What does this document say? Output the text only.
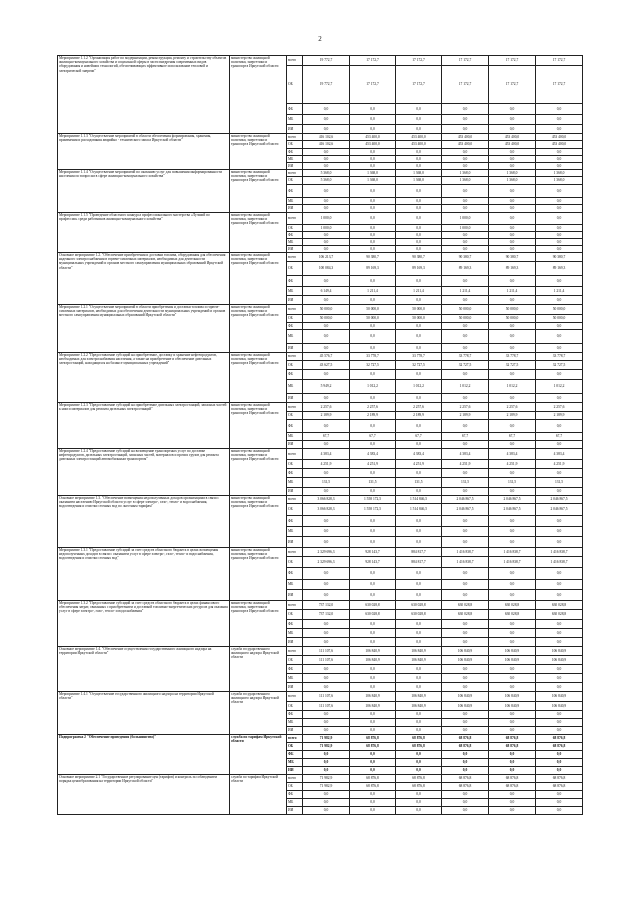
2
Мероприятие 1.1.2 "Организация работ по модернизации, реконструкции, ремонту и строительству объектов жилищно-коммунального хозяйства и социальной сферы в части внедрения современных видов оборудования и новейших технологий, обеспечивающих эффективное использование тепловой и электрической энергии"	министерство жилищной политики, энергетики и транспорта Иркутской области	всего	19 772,7	17 172,7	17 172,7	17 172,7	17 172,7	17 172,7
		ОБ	19 772,7	17 172,7	17 172,7	17 172,7	17 172,7	17 172,7
		ФБ	0,0	0,0	0,0	0,0	0,0	0,0
		МБ	0,0	0,0	0,0	0,0	0,0	0,0
		ИИ	0,0	0,0	0,0	0,0	0,0	0,0
Мероприятие 1.1.3 "Осуществление мероприятий в области обеспечения формирования, хранения, применения и расходования аварийно - технического запаса Иркутской области"	министерство жилищной политики, энергетики и транспорта Иркутской области	всего	416 102,6	453 400,0	453 400,0	453 400,0	453 400,0	453 400,0
		ОБ	416 102,6	453 400,0	453 400,0	453 400,0	453 400,0	453 400,0
		ФБ	0,0	0,0	0,0	0,0	0,0	0,0
		МБ	0,0	0,0	0,0	0,0	0,0	0,0
		ИИ	0,0	0,0	0,0	0,0	0,0	0,0
Мероприятие 1.1.4 "Осуществление мероприятий по оказанию услуг для повышения информированности населения по вопросам в сфере жилищно-коммунального хозяйства"	министерство жилищной политики, энергетики и транспорта Иркутской области	всего	5 368,0	1 368,0	1 368,0	1 368,0	1 368,0	1 368,0
		ОБ	5 368,0	1 368,0	1 368,0	1 368,0	1 368,0	1 368,0
		ФБ	0,0	0,0	0,0	0,0	0,0	0,0
		МБ	0,0	0,0	0,0	0,0	0,0	0,0
		ИИ	0,0	0,0	0,0	0,0	0,0	0,0
Мероприятие 1.1.5 "Проведение областного конкурса профессионального мастерства «Лучший по профессии» среди работников жилищно-коммунального хозяйства"	министерство жилищной политики, энергетики и транспорта Иркутской области	всего	1 000,0	0,0	0,0	1 000,0	0,0	0,0
		ОБ	1 000,0	0,0	0,0	1 000,0	0,0	0,0
		ФБ	0,0	0,0	0,0	0,0	0,0	0,0
		МБ	0,0	0,0	0,0	0,0	0,0	0,0
		ИИ	0,0	0,0	0,0	0,0	0,0	0,0
Основное мероприятие 1.2. "Обеспечение приобретения и доставки топлива, оборудования для обеспечения надежного электроснабжения в горюче-смазочных материалов, необходимых для деятельности муниципальных учреждений и органов местного самоуправления муниципальных образований Иркутской области"	министерство жилищной политики, энергетики и транспорта Иркутской области	всего	106 213,7	90 380,7	90 380,7	90 380,7	90 380,7	90 380,7
		ОБ	100 084,3	89 169,3	89 169,3	89 169,3	89 169,3	89 169,3
		ФБ	0,0	0,0	0,0	0,0	0,0	0,0
		МБ	6 149,4	1 211,4	1 211,4	1 211,4	1 211,4	1 211,4
		ИИ	0,0	0,0	0,0	0,0	0,0	0,0
Мероприятие 1.2.1 "Осуществление мероприятий в области приобретения и доставки топлива и горюче-смазочных материалов, необходимых для обеспечения деятельности муниципальных учреждений и органов местного самоуправления муниципальных образований Иркутской области"	министерство жилищной политики, энергетики и транспорта Иркутской области	всего	50 000,0	50 000,0	50 000,0	50 000,0	50 000,0	50 000,0
		ОБ	50 000,0	50 000,0	50 000,0	50 000,0	50 000,0	50 000,0
		ФБ	0,0	0,0	0,0	0,0	0,0	0,0
		МБ	0,0	0,0	0,0	0,0	0,0	0,0
		ИИ	0,0	0,0	0,0	0,0	0,0	0,0
Мероприятие 1.2.2 "Предоставление субсидий на приобретение, доставку и хранение нефтепродуктов, необходимых для электроснабжения населения, а также на приобретение и обеспечение дизельных электростанций, находящихся на балансе муниципальных учреждений"	министерство жилищной политики, энергетики и транспорта Иркутской области	всего	45 576,7	33 778,7	33 778,7	33 778,7	33 778,7	33 778,7
		ОБ	43 627,5	32 727,5	32 727,5	32 727,5	32 727,5	32 727,5
		ФБ	0,0	0,0	0,0	0,0	0,0	0,0
		МБ	5 949,2	1 012,2	1 012,2	1 012,2	1 012,2	1 012,2
		ИИ	0,0	0,0	0,0	0,0	0,0	0,0
Мероприятие 1.2.3 "Предоставление субсидий на приобретение дизельных электростанций, запасных частей к ним и материалов для ремонта дизельных электростанций"	министерство жилищной политики, энергетики и транспорта Иркутской области	всего	2 257,6	2 257,6	2 257,6	2 257,6	2 257,6	2 257,6
		ОБ	2 189,9	2 189,9	2 189,9	2 189,9	2 189,9	2 189,9
		ФБ	0,0	0,0	0,0	0,0	0,0	0,0
		МБ	67,7	67,7	67,7	67,7	67,7	67,7
		ИИ	0,0	0,0	0,0	0,0	0,0	0,0
Мероприятие 1.2.4 "Предоставление субсидий на возмещение транспортных услуг по доставке нефтепродуктов, дизельных электростанций, запасных частей, материалов и прочих грузов для ремонта дизельных электростанций автомобильным транспортом"	министерство жилищной политики, энергетики и транспорта Иркутской области	всего	4 383,4	4 383,4	4 383,4	4 383,4	4 383,4	4 383,4
		ОБ	4 251,9	4 251,9	4 251,9	4 251,9	4 251,9	4 251,9
		ФБ	0,0	0,0	0,0	0,0	0,0	0,0
		МБ	131,5	131,5	131,5	131,5	131,5	131,5
		ИИ	0,0	0,0	0,0	0,0	0,0	0,0
Основное мероприятие 1.3. "Обеспечение возмещения недополученных доходов организациям в связи с оказанием населению Иркутской области услуг в сфере электро-, газо-, тепло- и водоснабжения, водоотведения и очистки сточных вод по льготным тарифам"	министерство жилищной политики, энергетики и транспорта Иркутской области	всего	3 066 828,3	1 558 172,5	1 514 846,5	2 046 867,5	2 046 867,5	2 046 867,5
		ОБ	3 066 828,3	1 558 172,5	1 514 846,5	2 046 867,5	2 046 867,5	2 046 867,5
		ФБ	0,0	0,0	0,0	0,0	0,0	0,0
		МБ	0,0	0,0	0,0	0,0	0,0	0,0
		ИИ	0,0	0,0	0,0	0,0	0,0	0,0
Мероприятие 1.3.1 "Предоставление субсидий за счет средств областного бюджета в целях возмещения недополученных доходов в связи с оказанием услуг в сфере электро-, газо-, тепло- и водоснабжения, водоотведения и очистки сточных вод"	министерство жилищной политики, энергетики и транспорта Иркутской области	всего	2 329 696,3	928 143,7	884 817,7	1 416 838,7	1 416 838,7	1 416 838,7
		ОБ	2 329 696,3	928 143,7	884 817,7	1 416 838,7	1 416 838,7	1 416 838,7
		ФБ	0,0	0,0	0,0	0,0	0,0	0,0
		МБ	0,0	0,0	0,0	0,0	0,0	0,0
		ИИ	0,0	0,0	0,0	0,0	0,0	0,0
Мероприятие 1.3.2 "Предоставление субсидий за счет средств областного бюджета в целях финансового обеспечения затрат, связанных с приобретением и доставкой топливно-энергетических ресурсов для оказания услуг в сфере электро-, газо-, тепло- и водоснабжения"	министерство жилищной политики, энергетики и транспорта Иркутской области	всего	737 132,0	630 028,8	630 028,8	630 028,8	630 028,8	630 028,8
		ОБ	737 132,0	630 028,8	630 028,8	630 028,8	630 028,8	630 028,8
		ФБ	0,0	0,0	0,0	0,0	0,0	0,0
		МБ	0,0	0,0	0,0	0,0	0,0	0,0
		ИИ	0,0	0,0	0,0	0,0	0,0	0,0
Основное мероприятие 1.4. "Обеспечение осуществления государственного жилищного надзора на территории Иркутской области"	служба государственного жилищного надзора Иркутской области	всего	111 107,6	106 840,9	106 840,9	106 840,9	106 840,9	106 840,9
		ОБ	111 107,6	106 840,9	106 840,9	106 840,9	106 840,9	106 840,9
		ФБ	0,0	0,0	0,0	0,0	0,0	0,0
		МБ	0,0	0,0	0,0	0,0	0,0	0,0
		ИИ	0,0	0,0	0,0	0,0	0,0	0,0
Мероприятие 1.4.1 "Осуществление государственного жилищного надзора на территории Иркутской области"	служба государственного жилищного надзора Иркутской области	всего	111 107,6	106 840,9	106 840,9	106 840,9	106 840,9	106 840,9
		ОБ	111 107,6	106 840,9	106 840,9	106 840,9	106 840,9	106 840,9
		ФБ	0,0	0,0	0,0	0,0	0,0	0,0
		МБ	0,0	0,0	0,0	0,0	0,0	0,0
		ИИ	0,0	0,0	0,0	0,0	0,0	0,0
Подпрограмма 2 "Обеспечение проведения (большинство)"	служба по тарифам Иркутской области	всего	71 982,9	68 876,8	68 876,8	68 876,8	68 876,8	68 876,8
		ОБ	71 982,9	68 876,8	68 876,8	68 876,8	68 876,8	68 876,8
		ФБ	0,0	0,0	0,0	0,0	0,0	0,0
		МБ	0,0	0,0	0,0	0,0	0,0	0,0
		ИИ	0,0	0,0	0,0	0,0	0,0	0,0
Основное мероприятие 2.1 "Государственное регулирование цен (тарифов) и контроль за соблюдением порядка ценообразования на территории Иркутской области"	служба по тарифам Иркутской области	всего	71 982,9	68 876,8	68 876,8	68 876,8	68 876,8	68 876,8
		ОБ	71 982,9	68 876,8	68 876,8	68 876,8	68 876,8	68 876,8
		ФБ	0,0	0,0	0,0	0,0	0,0	0,0
		МБ	0,0	0,0	0,0	0,0	0,0	0,0
		ИИ	0,0	0,0	0,0	0,0	0,0	0,0
